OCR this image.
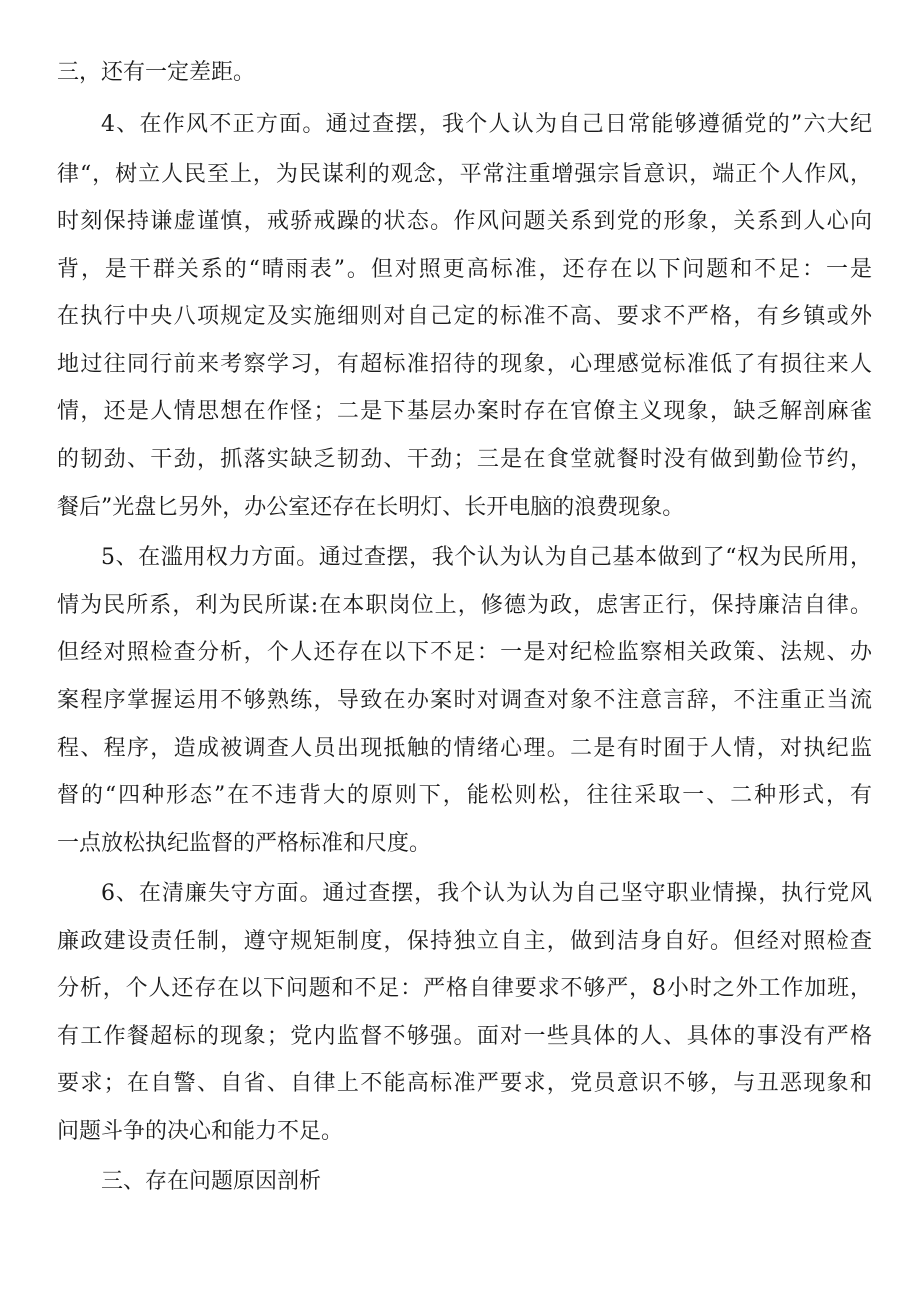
三，还有一定差距。
4、在作风不正方面。通过查摆，我个人认为自己日常能够遵循党的”六大纪
律“，树立人民至上，为民谋利的观念，平常注重增强宗旨意识，端正个人作风，
时刻保持谦虚谨慎，戒骄戒躁的状态。作风问题关系到党的形象，关系到人心向
背，是干群关系的“晴雨表”。但对照更高标准，还存在以下问题和不足：一是
在执行中央八项规定及实施细则对自己定的标准不高、要求不严格，有乡镇或外
地过往同行前来考察学习，有超标准招待的现象，心理感觉标准低了有损往来人
情，还是人情思想在作怪；二是下基层办案时存在官僚主义现象，缺乏解剖麻雀
的韧劲、干劲，抓落实缺乏韧劲、干劲；三是在食堂就餐时没有做到勤俭节约，
餐后”光盘匕另外，办公室还存在长明灯、长开电脑的浪费现象。
5、在滥用权力方面。通过查摆，我个认为认为自己基本做到了“权为民所用，
情为民所系，利为民所谋:在本职岗位上，修德为政，虑害正行，保持廉洁自律。
但经对照检查分析，个人还存在以下不足：一是对纪检监察相关政策、法规、办
案程序掌握运用不够熟练，导致在办案时对调查对象不注意言辞，不注重正当流
程、程序，造成被调查人员出现抵触的情绪心理。二是有时囿于人情，对执纪监
督的“四种形态”在不违背大的原则下，能松则松，往往采取一、二种形式，有
一点放松执纪监督的严格标准和尺度。
6、在清廉失守方面。通过查摆，我个认为认为自己坚守职业情操，执行党风
廉政建设责任制，遵守规矩制度，保持独立自主，做到洁身自好。但经对照检查
分析，个人还存在以下问题和不足：严格自律要求不够严，8小时之外工作加班，
有工作餐超标的现象；党内监督不够强。面对一些具体的人、具体的事没有严格
要求；在自警、自省、自律上不能高标准严要求，党员意识不够，与丑恶现象和
问题斗争的决心和能力不足。
三、存在问题原因剖析
